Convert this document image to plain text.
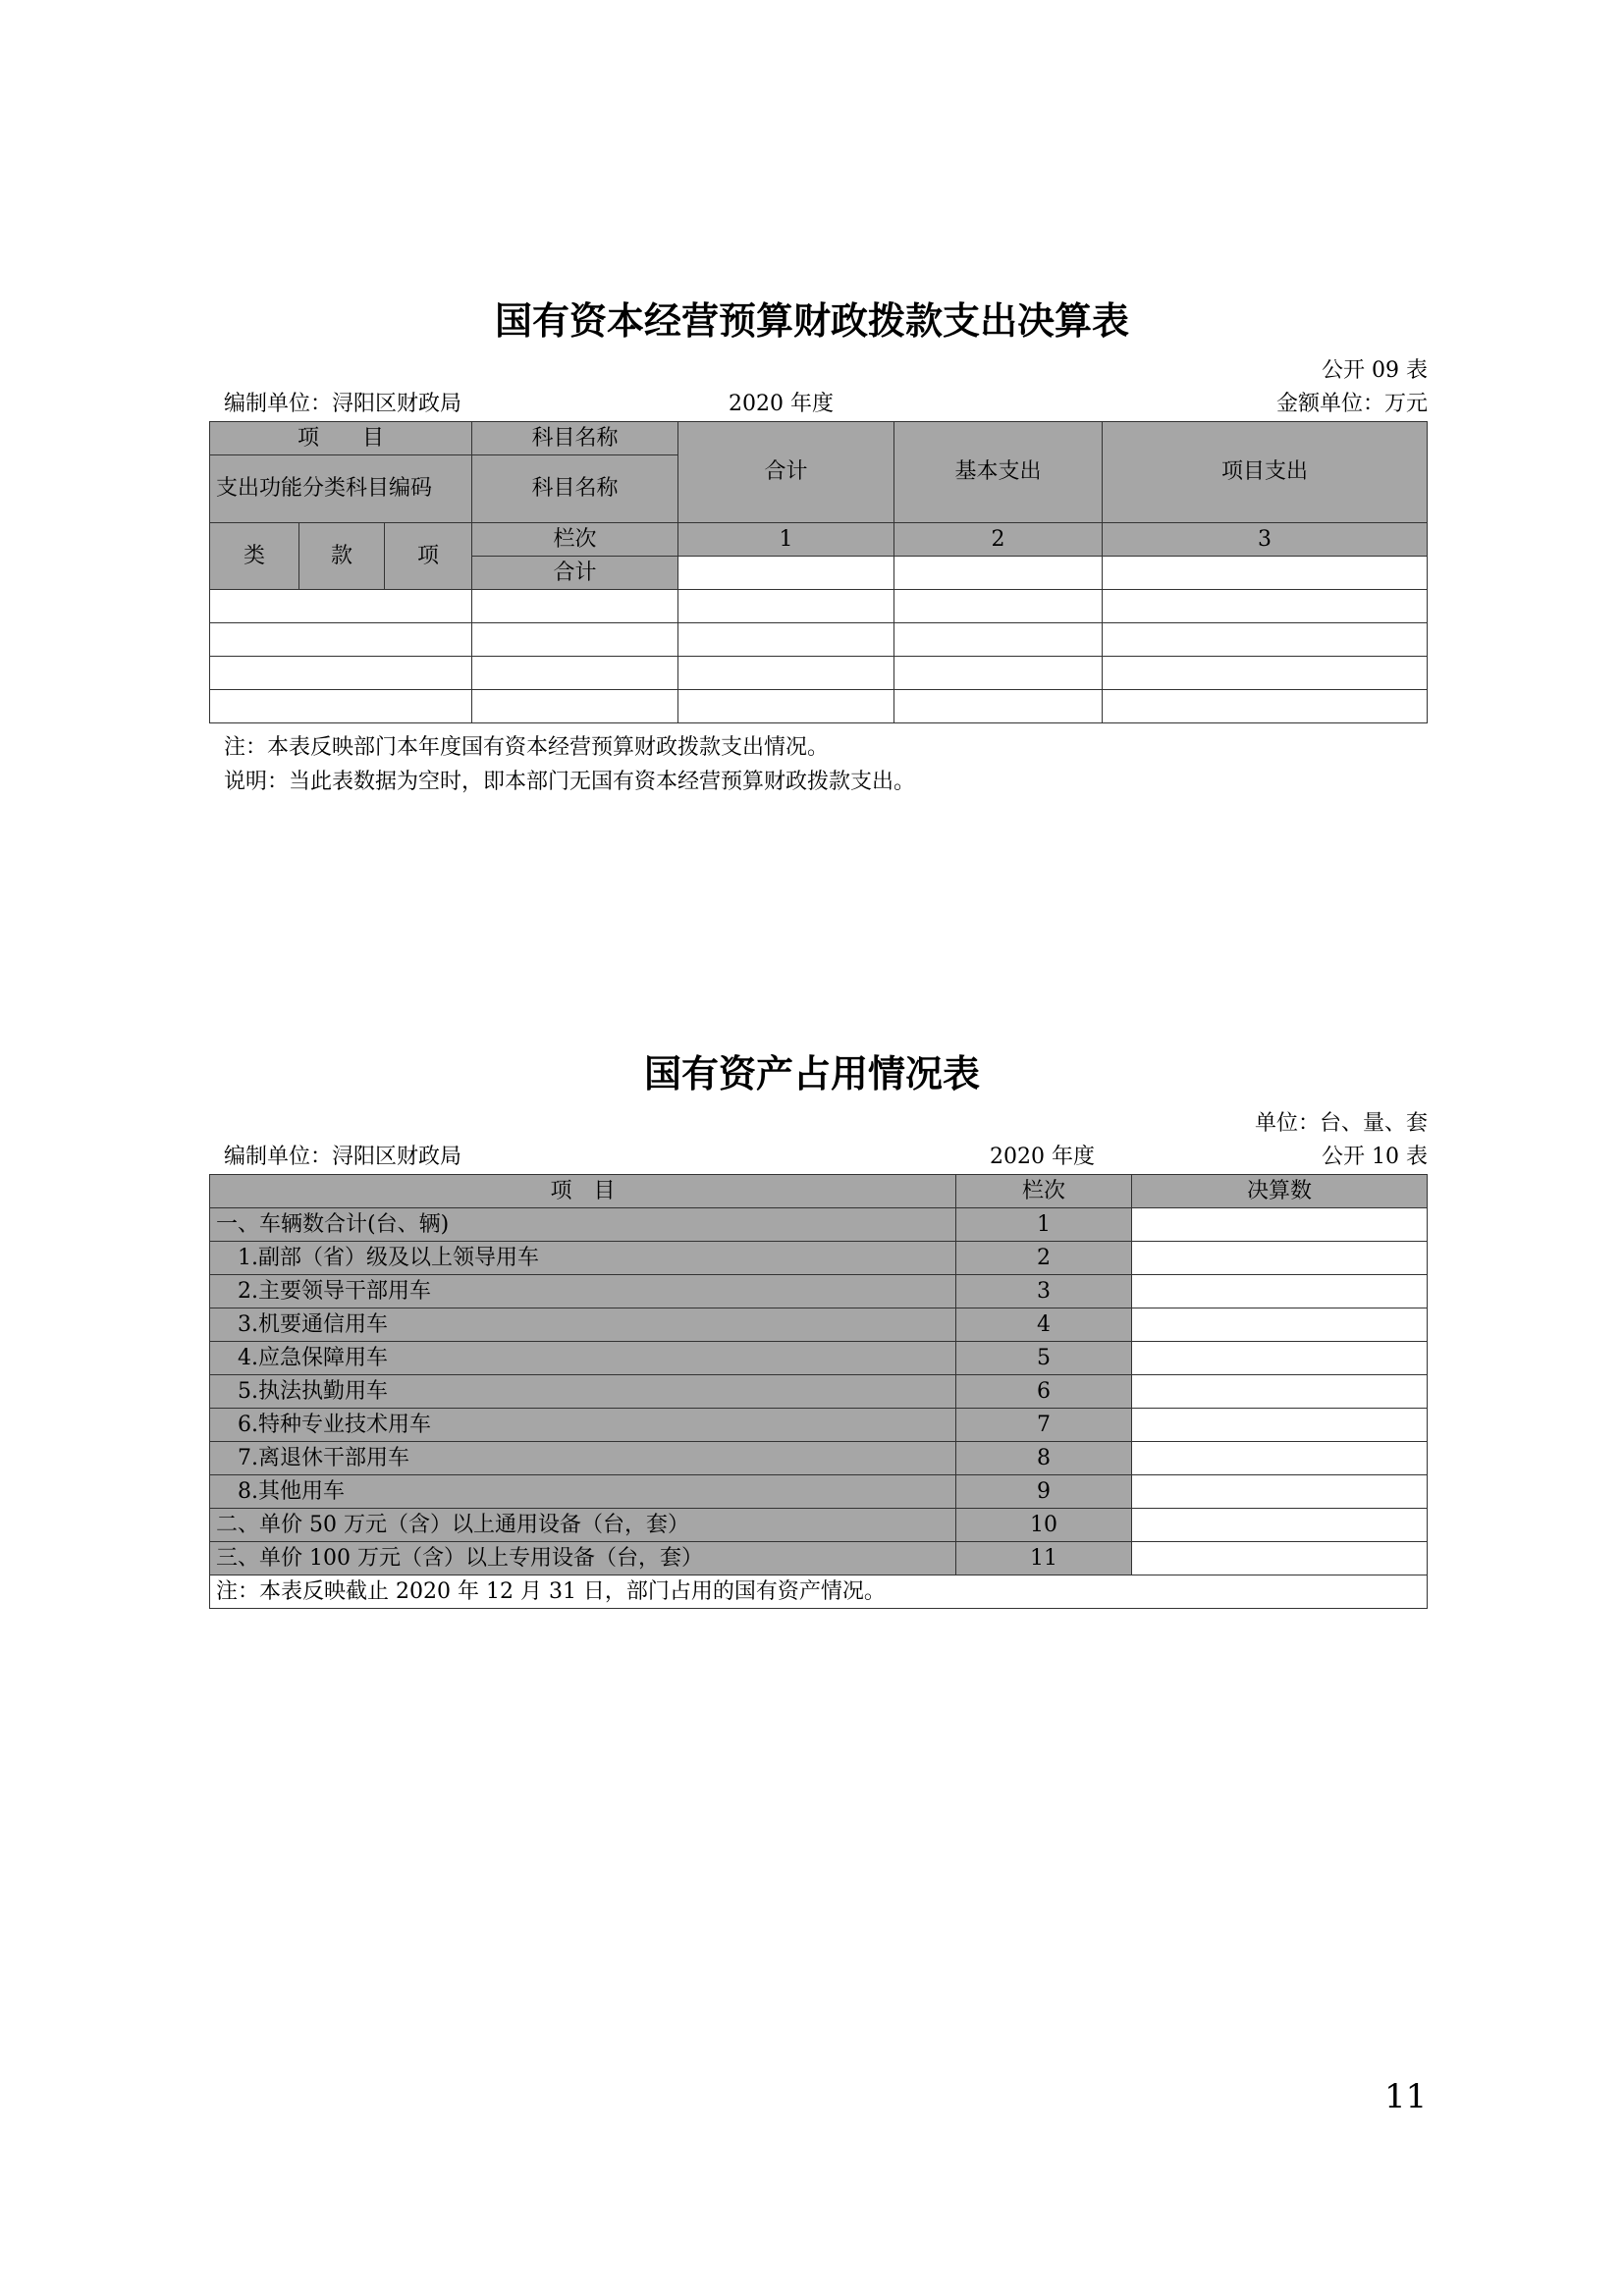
国有资本经营预算财政拨款支出决算表
公开 09 表
编制单位：浔阳区财政局	2020 年度	金额单位：万元
项　　目			科目名称	合计	基本支出	项目支出
支出功能分类科目编码			科目名称			
类	款	项	栏次	1	2	3
			合计			

注：本表反映部门本年度国有资本经营预算财政拨款支出情况。
说明：当此表数据为空时，即本部门无国有资本经营预算财政拨款支出。
国有资产占用情况表
单位：台、量、套
编制单位：浔阳区财政局	2020 年度	公开 10 表
项　目	栏次	决算数
一、车辆数合计(台、辆)	1	
　1.副部（省）级及以上领导用车	2	
　2.主要领导干部用车	3	
　3.机要通信用车	4	
　4.应急保障用车	5	
　5.执法执勤用车	6	
　6.特种专业技术用车	7	
　7.离退休干部用车	8	
　8.其他用车	9	
二、单价 50 万元（含）以上通用设备（台，套）	10	
三、单价 100 万元（含）以上专用设备（台，套）	11	
注：本表反映截止 2020 年 12 月 31 日，部门占用的国有资产情况。		
11
